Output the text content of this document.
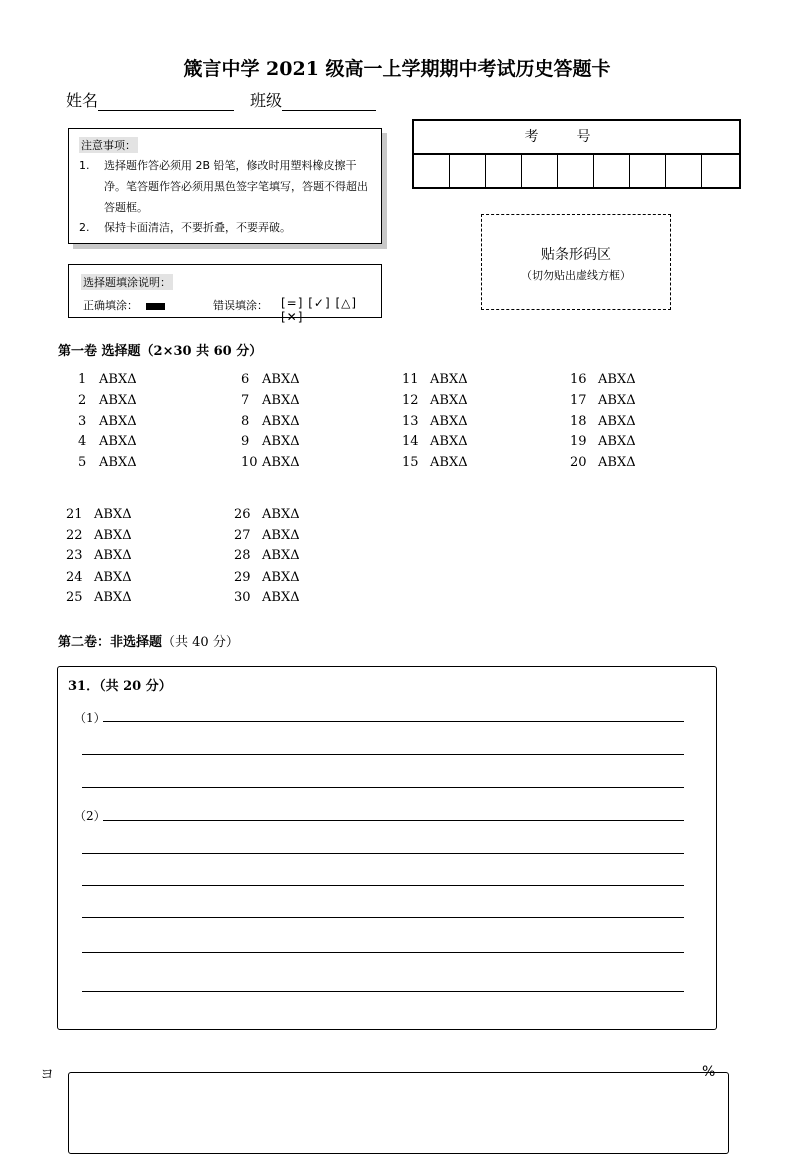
箴言中学 2021 级高一上学期期中考试历史答题卡
姓名	班级
注意事项：
1. 选择题作答必须用 2B 铅笔，修改时用塑料橡皮擦干净。笔答题作答必须用黑色签字笔填写，答题不得超出答题框。
2. 保持卡面清洁，不要折叠，不要弄破。
选择题填涂说明：
正确填涂：	错误填涂： [=] [✓] [△] [✕]
考号
贴条形码区
（切勿贴出虚线方框）
第一卷 选择题（2×30 共 60 分）
1 ABXΔ
2 ABXΔ
3 ABXΔ
4 ABXΔ
5 ABXΔ
6 ABXΔ
7 ABXΔ
8 ABXΔ
9 ABXΔ
10 ABXΔ
11 ABXΔ
12 ABXΔ
13 ABXΔ
14 ABXΔ
15 ABXΔ
16 ABXΔ
17 ABXΔ
18 ABXΔ
19 ABXΔ
20 ABXΔ
21 ABXΔ
22 ABXΔ
23 ABXΔ
24 ABXΔ
25 ABXΔ
26 ABXΔ
27 ABXΔ
28 ABXΔ
29 ABXΔ
30 ABXΔ
第二卷：非选择题（共 40 分）
31．（共 20 分）
（1）
（2）
ヨ	%
